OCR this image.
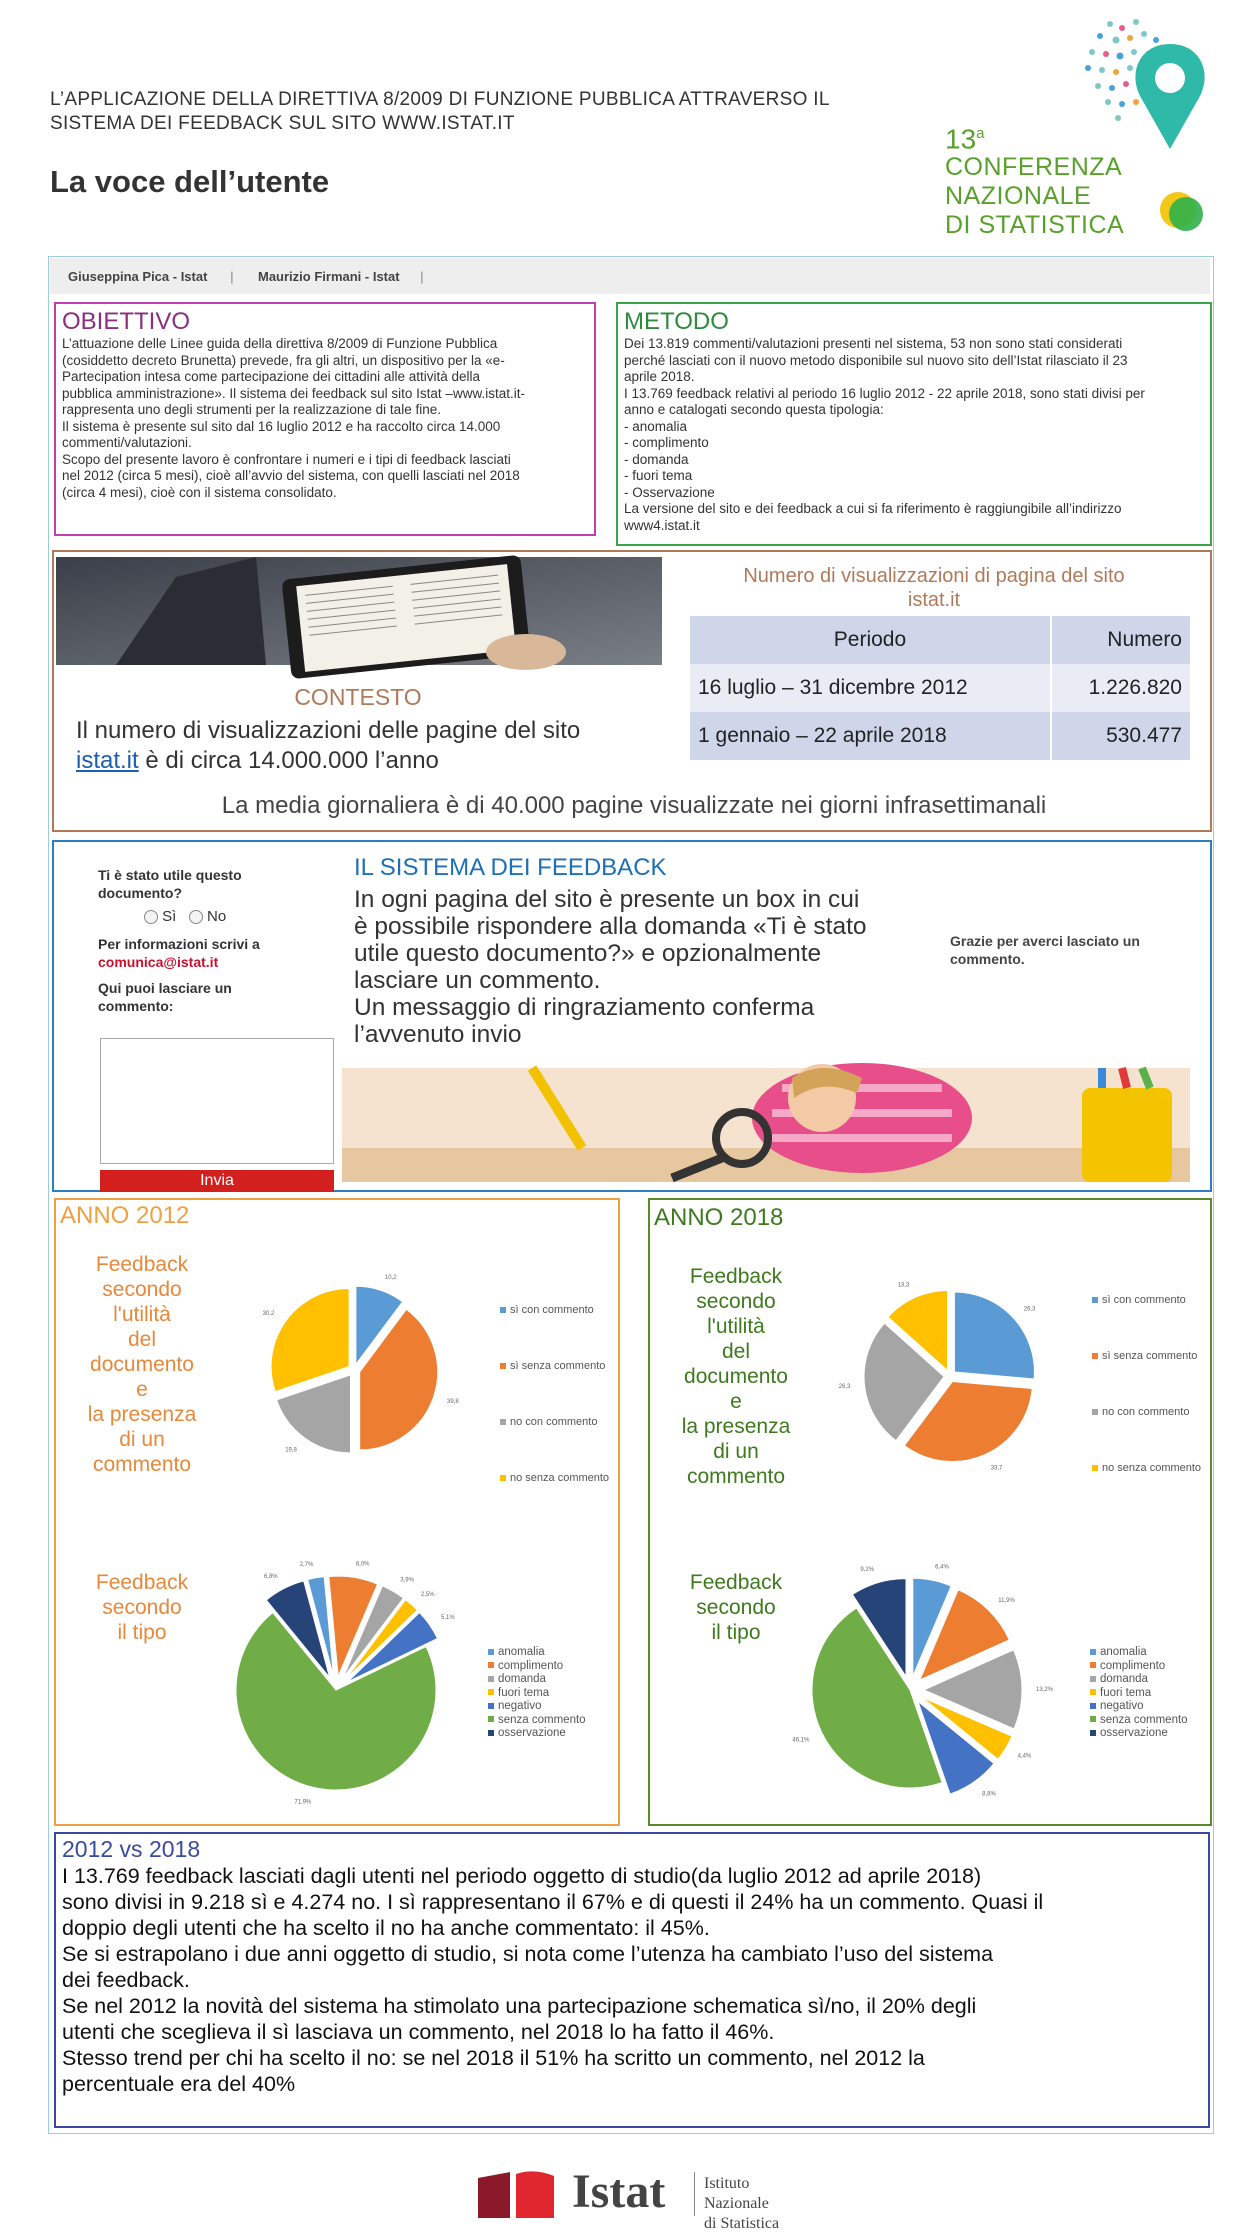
L’APPLICAZIONE DELLA DIRETTIVA 8/2009 DI FUNZIONE PUBBLICA ATTRAVERSO IL
SISTEMA DEI FEEDBACK SUL SITO WWW.ISTAT.IT
La voce dell’utente
13$^a$
CONFERENZA
NAZIONALE
DI STATISTICA
Giuseppina Pica - Istat | Maurizio Firmani - Istat |
OBIETTIVO
L’attuazione delle Linee guida della direttiva 8/2009 di Funzione Pubblica
(cosiddetto decreto Brunetta) prevede, fra gli altri, un dispositivo per la «e-
Partecipation intesa come partecipazione dei cittadini alle attività della
pubblica amministrazione». Il sistema dei feedback sul sito Istat –www.istat.it-
rappresenta uno degli strumenti per la realizzazione di tale fine.
Il sistema è presente sul sito dal 16 luglio 2012 e ha raccolto circa 14.000
commenti/valutazioni.
Scopo del presente lavoro è confrontare i numeri e i tipi di feedback lasciati
nel 2012 (circa 5 mesi), cioè all’avvio del sistema, con quelli lasciati nel 2018
(circa 4 mesi), cioè con il sistema consolidato.
METODO
Dei 13.819 commenti/valutazioni presenti nel sistema, 53 non sono stati considerati
perché lasciati con il nuovo metodo disponibile sul nuovo sito dell’Istat rilasciato il 23
aprile 2018.
I 13.769 feedback relativi al periodo 16 luglio 2012 - 22 aprile 2018, sono stati divisi per
anno e catalogati secondo questa tipologia:
- anomalia
- complimento
- domanda
- fuori tema
- Osservazione
La versione del sito e dei feedback a cui si fa riferimento è raggiungibile all’indirizzo
www4.istat.it
CONTESTO
Il numero di visualizzazioni delle pagine del sito
istat.it è di circa 14.000.000 l’anno
Numero di visualizzazioni di pagina del sito
istat.it
Periodo	Numero
16 luglio – 31 dicembre 2012	1.226.820
1 gennaio – 22 aprile 2018	530.477
La media giornaliera è di 40.000 pagine visualizzate nei giorni infrasettimanali
Ti è stato utile questo
documento?
Sì No
Per informazioni scrivi a
comunica@istat.it
Qui puoi lasciare un
commento:
Invia
IL SISTEMA DEI FEEDBACK
In ogni pagina del sito è presente un box in cui
è possibile rispondere alla domanda «Ti è stato
utile questo documento?» e opzionalmente
lasciare un commento.
Un messaggio di ringraziamento conferma
l’avvenuto invio
Grazie per averci lasciato un
commento.
ANNO 2012
Feedback
secondo
l'utilità
del
documento
e
la presenza
di un
commento
10,2
39,8
19,8
30,2	sì con commento
sì senza commento
no con commento
no senza commento
Feedback
secondo
il tipo
2,7%	8,0%
3,9%
2,5%
5,1%
71,9%
6,8%
anomalia
complimento
domanda
fuori tema
negativo
senza commento
osservazione
ANNO 2018
Feedback
secondo
l'utilità
del
documento
e
la presenza
di un
commento
26,3
33,7
26,3
13,3
sì con commento
sì senza commento
no con commento
no senza commento
Feedback
secondo
il tipo
6,4%
11,9%
13,2%
4,4%
8,8%
46,1%
9,2%
anomalia
complimento
domanda
fuori tema
negativo
senza commento
osservazione
2012 vs 2018
I 13.769 feedback lasciati dagli utenti nel periodo oggetto di studio(da luglio 2012 ad aprile 2018)
sono divisi in 9.218 sì e 4.274 no. I sì rappresentano il 67% e di questi il 24% ha un commento. Quasi il
doppio degli utenti che ha scelto il no ha anche commentato: il 45%.
Se si estrapolano i due anni oggetto di studio, si nota come l’utenza ha cambiato l’uso del sistema
dei feedback.
Se nel 2012 la novità del sistema ha stimolato una partecipazione schematica sì/no, il 20% degli
utenti che sceglieva il sì lasciava un commento, nel 2018 lo ha fatto il 46%.
Stesso trend per chi ha scelto il no: se nel 2018 il 51% ha scritto un commento, nel 2012 la
percentuale era del 40%
Istat Istituto Nazionale
di Statistica
